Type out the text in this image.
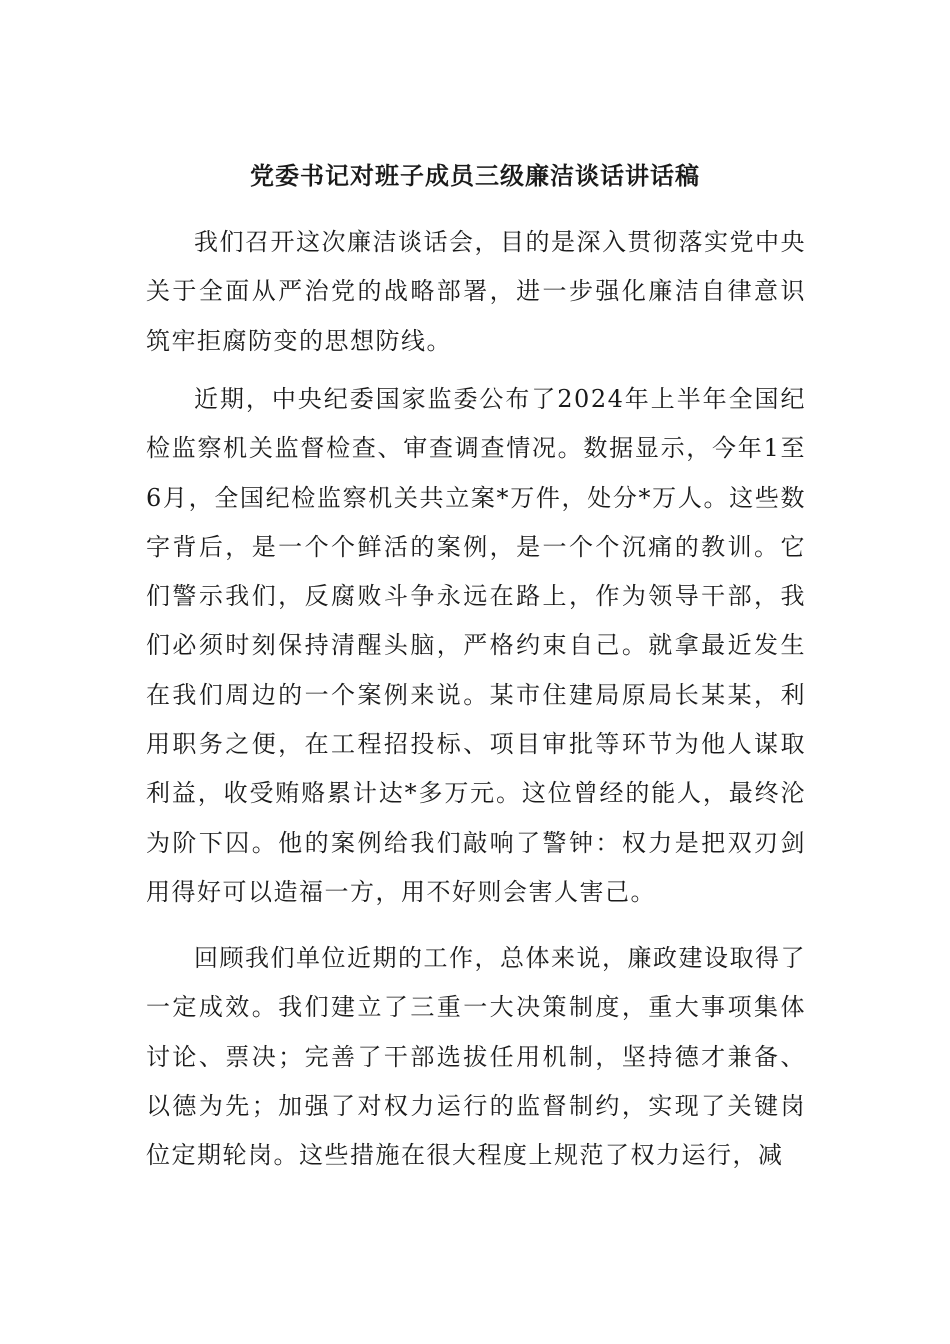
党委书记对班子成员三级廉洁谈话讲话稿

我们召开这次廉洁谈话会，目的是深入贯彻落实党中央关于全面从严治党的战略部署，进一步强化廉洁自律意识筑牢拒腐防变的思想防线。

近期，中央纪委国家监委公布了2024年上半年全国纪检监察机关监督检查、审查调查情况。数据显示，今年1至6月，全国纪检监察机关共立案*万件，处分*万人。这些数字背后，是一个个鲜活的案例，是一个个沉痛的教训。它们警示我们，反腐败斗争永远在路上，作为领导干部，我们必须时刻保持清醒头脑，严格约束自己。就拿最近发生在我们周边的一个案例来说。某市住建局原局长某某，利用职务之便，在工程招投标、项目审批等环节为他人谋取利益，收受贿赂累计达*多万元。这位曾经的能人，最终沦为阶下囚。他的案例给我们敲响了警钟：权力是把双刃剑用得好可以造福一方，用不好则会害人害己。

回顾我们单位近期的工作，总体来说，廉政建设取得了一定成效。我们建立了三重一大决策制度，重大事项集体讨论、票决；完善了干部选拔任用机制，坚持德才兼备、以德为先；加强了对权力运行的监督制约，实现了关键岗位定期轮岗。这些措施在很大程度上规范了权力运行，减
